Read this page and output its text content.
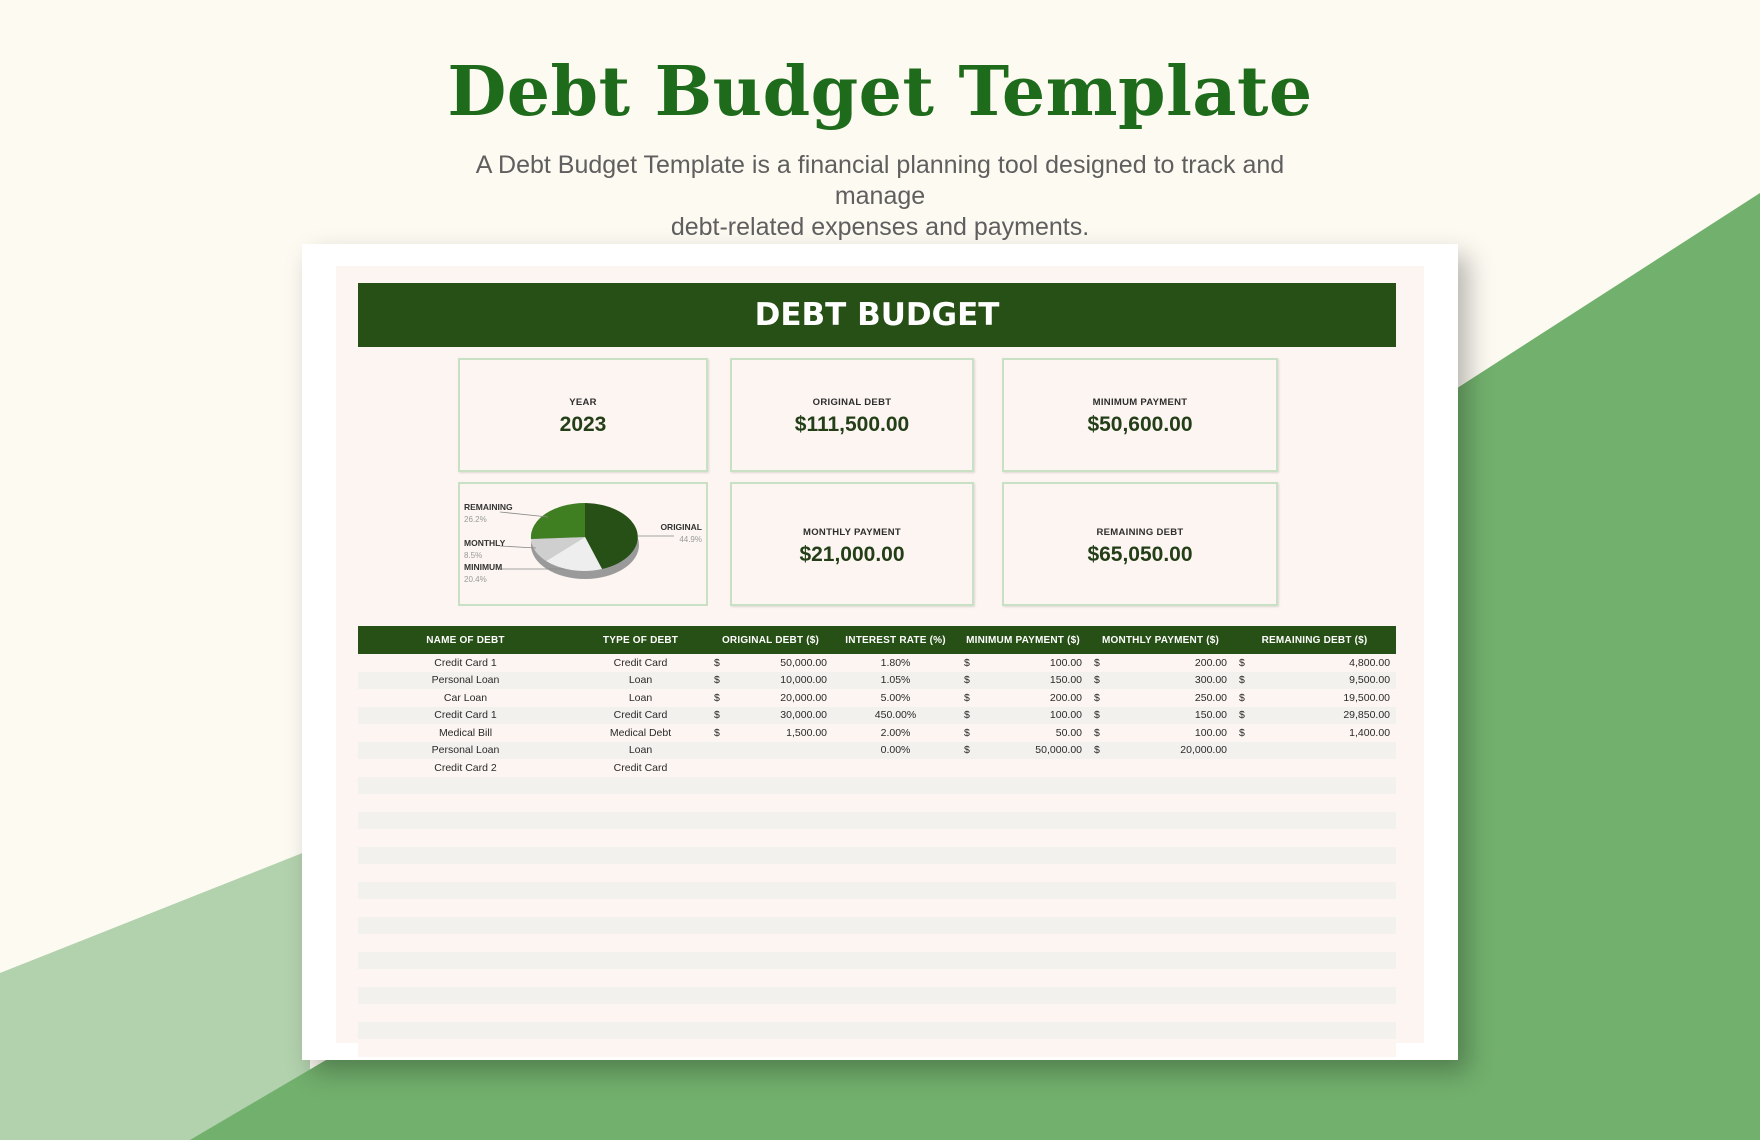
Debt Budget Template

A Debt Budget Template is a financial planning tool designed to track and manage
debt-related expenses and payments.

DEBT BUDGET
YEAR
2023
ORIGINAL DEBT
$111,500.00
MINIMUM PAYMENT
$50,600.00
REMAINING
26.2%
MONTHLY
8.5%
MINIMUM
20.4%
ORIGINAL
44.9%
MONTHLY PAYMENT
$21,000.00
REMAINING DEBT
$65,050.00
NAME OF DEBT	TYPE OF DEBT	ORIGINAL DEBT ($)		INTEREST RATE (%)	MINIMUM PAYMENT ($)		MONTHLY PAYMENT ($)		REMAINING DEBT ($)	
Credit Card 1	Credit Card	$	50,000.00	1.80%	$	100.00	$	200.00	$	4,800.00
Personal Loan	Loan	$	10,000.00	1.05%	$	150.00	$	300.00	$	9,500.00
Car Loan	Loan	$	20,000.00	5.00%	$	200.00	$	250.00	$	19,500.00
Credit Card 1	Credit Card	$	30,000.00	450.00%	$	100.00	$	150.00	$	29,850.00
Medical Bill	Medical Debt	$	1,500.00	2.00%	$	50.00	$	100.00	$	1,400.00
Personal Loan	Loan			0.00%	$	50,000.00	$	20,000.00		
Credit Card 2	Credit Card									
